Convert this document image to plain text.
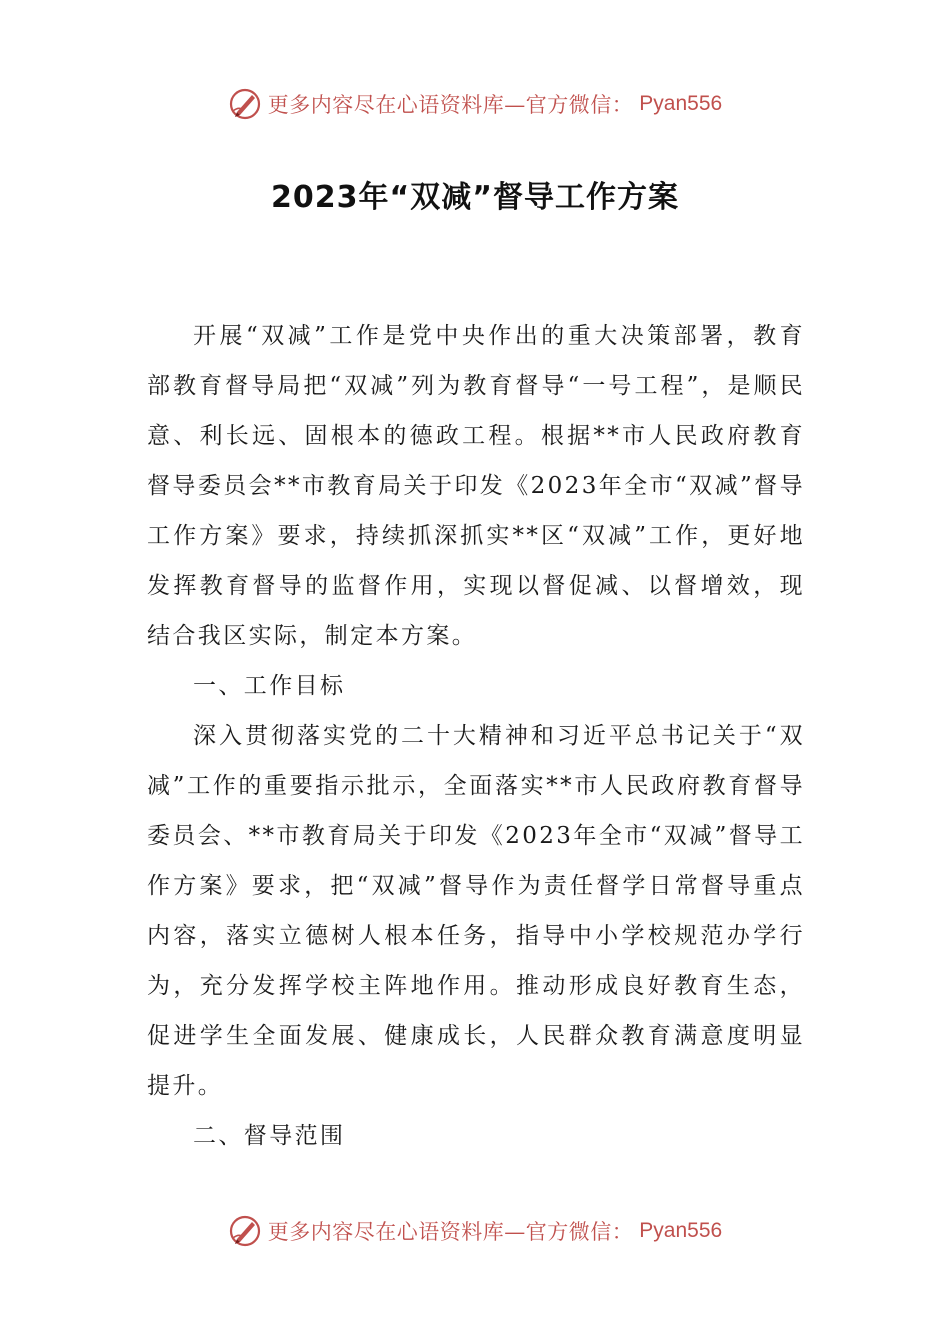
更多内容尽在心语资料库—官方微信： Pyan556
2023年“双减”督导工作方案

开展“双减”工作是党中央作出的重大决策部署，教育部教育督导局把“双减”列为教育督导“一号工程”，是顺民意、利长远、固根本的德政工程。根据**市人民政府教育督导委员会**市教育局关于印发《2023年全市“双减”督导工作方案》要求，持续抓深抓实**区“双减”工作，更好地发挥教育督导的监督作用，实现以督促减、以督增效，现结合我区实际，制定本方案。

一、工作目标

深入贯彻落实党的二十大精神和习近平总书记关于“双减”工作的重要指示批示，全面落实**市人民政府教育督导委员会、**市教育局关于印发《2023年全市“双减”督导工作方案》要求，把“双减”督导作为责任督学日常督导重点内容，落实立德树人根本任务，指导中小学校规范办学行为，充分发挥学校主阵地作用。推动形成良好教育生态，促进学生全面发展、健康成长，人民群众教育满意度明显提升。

二、督导范围

更多内容尽在心语资料库—官方微信： Pyan556
